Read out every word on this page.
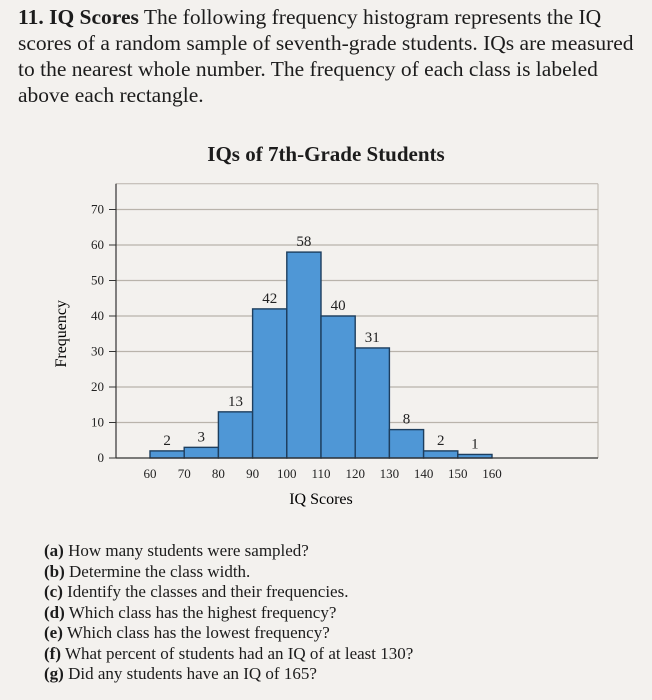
11. IQ Scores The following frequency histogram represents the IQ scores of a random sample of seventh-grade students. IQs are measured to the nearest whole number. The frequency of each class is labeled above each rectangle.
IQs of 7th-Grade Students
0
10
20
30
40
50
60
70
2 3
13
42
58
40
31
8
2 1
60 70 80 90 100 110 120 130 140 150 160
Frequency
IQ Scores
(a) How many students were sampled?
(b) Determine the class width.
(c) Identify the classes and their frequencies.
(d) Which class has the highest frequency?
(e) Which class has the lowest frequency?
(f) What percent of students had an IQ of at least 130?
(g) Did any students have an IQ of 165?
